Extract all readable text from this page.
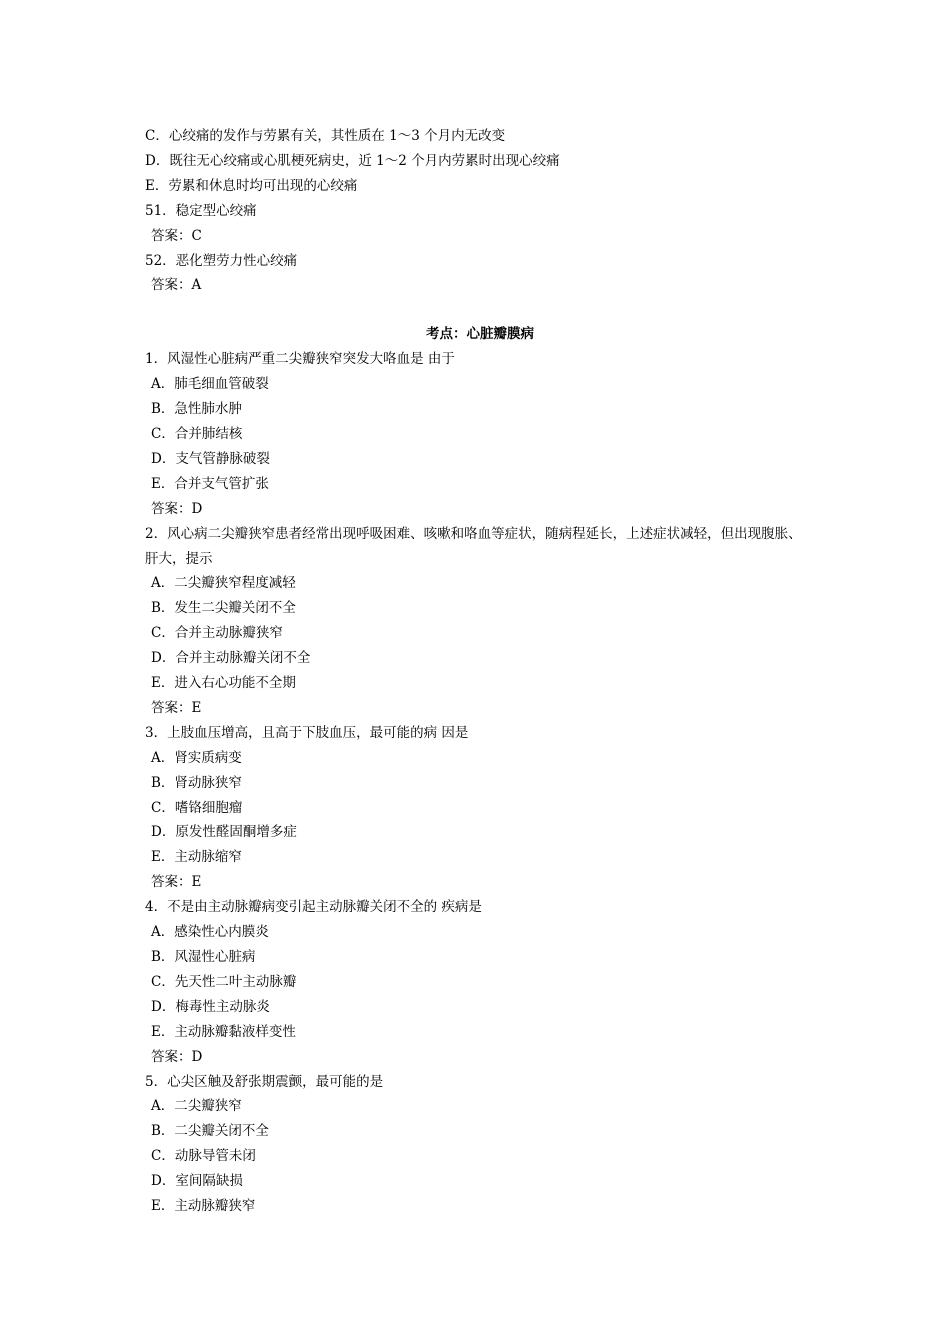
C．心绞痛的发作与劳累有关，其性质在 1～3 个月内无改变
D．既往无心绞痛或心肌梗死病史，近 1～2 个月内劳累时出现心绞痛
E．劳累和休息时均可出现的心绞痛
51．稳定型心绞痛
答案：C
52．恶化塑劳力性心绞痛
答案：A
考点：心脏瓣膜病
1．风湿性心脏病严重二尖瓣狭窄突发大咯血是 由于
A．肺毛细血管破裂
B．急性肺水肿
C．合并肺结核
D．支气管静脉破裂
E．合并支气管扩张
答案：D
2．风心病二尖瓣狭窄患者经常出现呼吸困难、咳嗽和咯血等症状，随病程延长，上述症状减轻，但出现腹胀、肝大，提示
A．二尖瓣狭窄程度减轻
B．发生二尖瓣关闭不全
C．合并主动脉瓣狭窄
D．合并主动脉瓣关闭不全
E．进入右心功能不全期
答案：E
3．上肢血压增高，且高于下肢血压，最可能的病 因是
A．肾实质病变
B．肾动脉狭窄
C．嗜铬细胞瘤
D．原发性醛固酮增多症
E．主动脉缩窄
答案：E
4．不是由主动脉瓣病变引起主动脉瓣关闭不全的 疾病是
A．感染性心内膜炎
B．风湿性心脏病
C．先天性二叶主动脉瓣
D．梅毒性主动脉炎
E．主动脉瓣黏液样变性
答案：D
5．心尖区触及舒张期震颤，最可能的是
A．二尖瓣狭窄
B．二尖瓣关闭不全
C．动脉导管未闭
D．室间隔缺损
E．主动脉瓣狭窄
